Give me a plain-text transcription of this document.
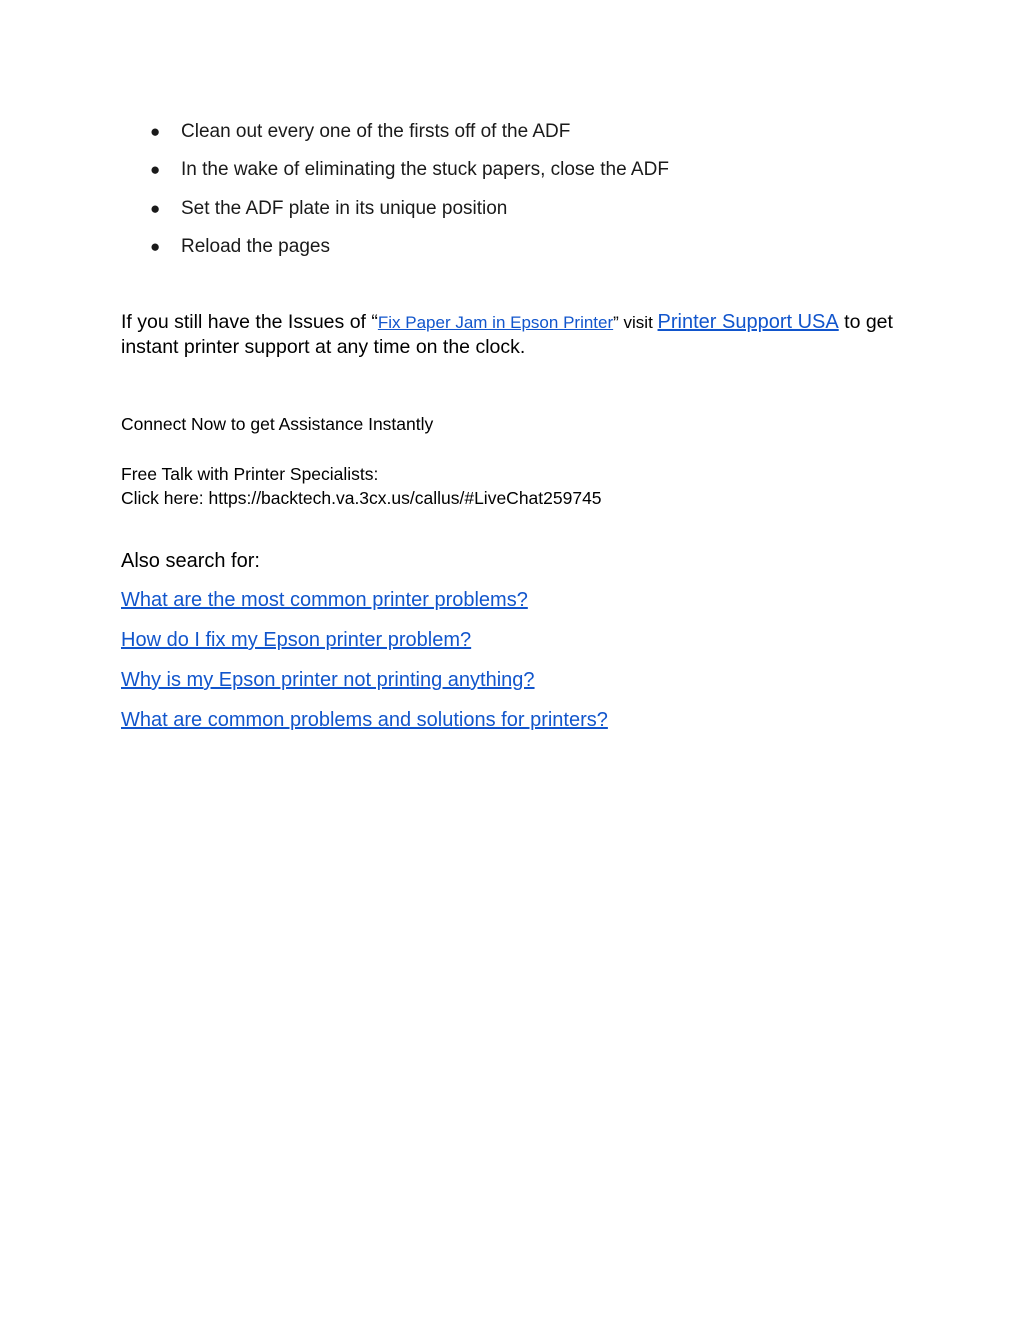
● Clean out every one of the firsts off of the ADF
● In the wake of eliminating the stuck papers, close the ADF
● Set the ADF plate in its unique position
● Reload the pages

If you still have the Issues of “Fix Paper Jam in Epson Printer” visit Printer Support USA to get instant printer support at any time on the clock.

Connect Now to get Assistance Instantly
Free Talk with Printer Specialists:
Click here: https://backtech.va.3cx.us/callus/#LiveChat259745
Also search for:
What are the most common printer problems?
How do I fix my Epson printer problem?
Why is my Epson printer not printing anything?
What are common problems and solutions for printers?
